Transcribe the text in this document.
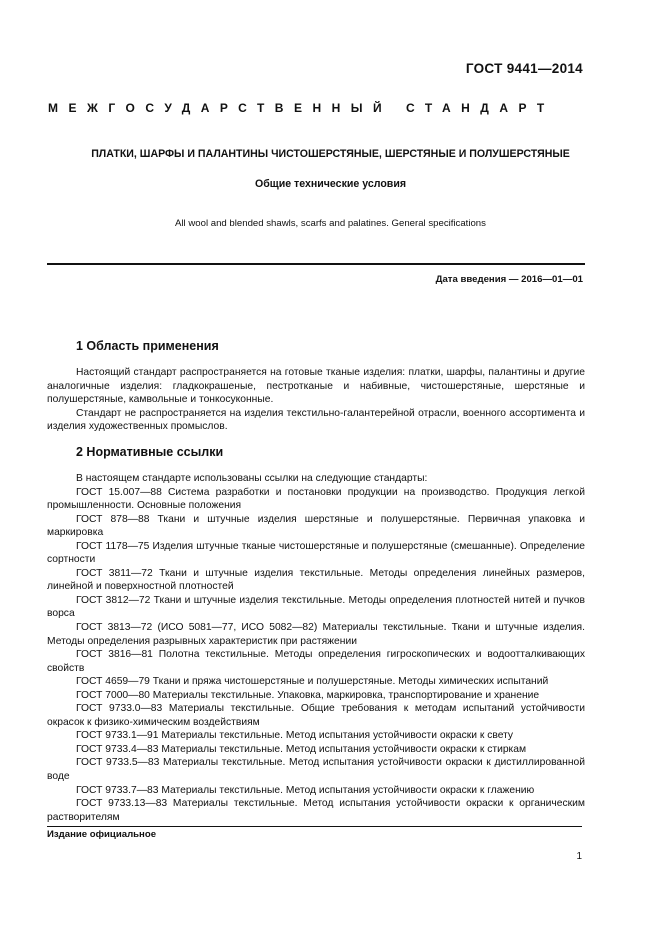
ГОСТ 9441—2014
МЕЖГОСУДАРСТВЕННЫЙ СТАНДАРТ
ПЛАТКИ, ШАРФЫ И ПАЛАНТИНЫ ЧИСТОШЕРСТЯНЫЕ, ШЕРСТЯНЫЕ И ПОЛУШЕРСТЯНЫЕ
Общие технические условия
All wool and blended shawls, scarfs and palatines. General specifications
Дата введения — 2016—01—01
1 Область применения

Настоящий стандарт распространяется на готовые тканые изделия: платки, шарфы, палантины и другие аналогичные изделия: гладкокрашеные, пестротканые и набивные, чистошерстяные, шерстяные и полушерстяные, камвольные и тонкосуконные.

Стандарт не распространяется на изделия текстильно-галантерейной отрасли, военного ассортимента и изделия художественных промыслов.

2 Нормативные ссылки

В настоящем стандарте использованы ссылки на следующие стандарты:

ГОСТ 15.007—88 Система разработки и постановки продукции на производство. Продукция легкой промышленности. Основные положения

ГОСТ 878—88 Ткани и штучные изделия шерстяные и полушерстяные. Первичная упаковка и маркировка

ГОСТ 1178—75 Изделия штучные тканые чистошерстяные и полушерстяные (смешанные). Определение сортности

ГОСТ 3811—72 Ткани и штучные изделия текстильные. Методы определения линейных размеров, линейной и поверхностной плотностей

ГОСТ 3812—72 Ткани и штучные изделия текстильные. Методы определения плотностей нитей и пучков ворса

ГОСТ 3813—72 (ИСО 5081—77, ИСО 5082—82) Материалы текстильные. Ткани и штучные изделия. Методы определения разрывных характеристик при растяжении

ГОСТ 3816—81 Полотна текстильные. Методы определения гигроскопических и водоотталкивающих свойств

ГОСТ 4659—79 Ткани и пряжа чистошерстяные и полушерстяные. Методы химических испытаний

ГОСТ 7000—80 Материалы текстильные. Упаковка, маркировка, транспортирование и хранение

ГОСТ 9733.0—83 Материалы текстильные. Общие требования к методам испытаний устойчивости окрасок к физико-химическим воздействиям

ГОСТ 9733.1—91 Материалы текстильные. Метод испытания устойчивости окраски к свету

ГОСТ 9733.4—83 Материалы текстильные. Метод испытания устойчивости окраски к стиркам

ГОСТ 9733.5—83 Материалы текстильные. Метод испытания устойчивости окраски к дистиллированной воде

ГОСТ 9733.7—83 Материалы текстильные. Метод испытания устойчивости окраски к глажению

ГОСТ 9733.13—83 Материалы текстильные. Метод испытания устойчивости окраски к органическим растворителям

Издание официальное
1
